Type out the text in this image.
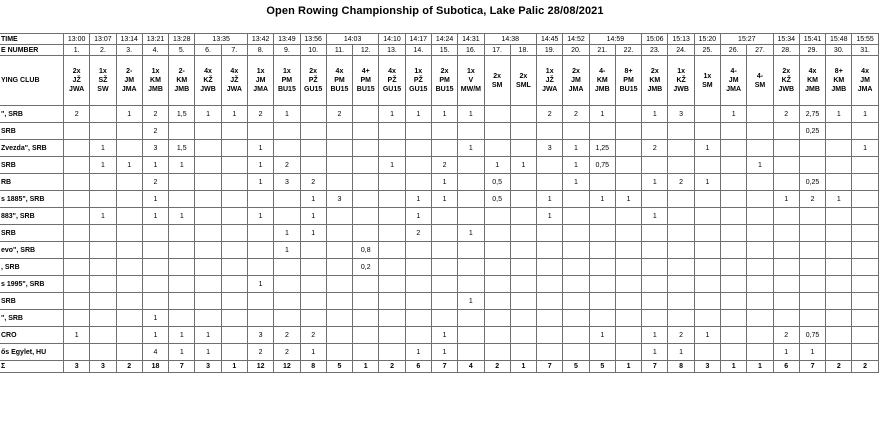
Open Rowing Championship of Subotica, Lake Palic 28/08/2021
TIME	13:00	13:07	13:14	13:21	13:28	13:35		13:42	13:49	13:56	14:03		14:10	14:17	14:24	14:31	14:38		14:45	14:52	14:59		15:06	15:13	15:20	15:27		15:34	15:41	15:48	15:55
E NUMBER	1.	2.	3.	4.	5.	6.	7.	8.	9.	10.	11.	12.	13.	14.	15.	16.	17.	18.	19.	20.	21.	22.	23.	24.	25.	26.	27.	28.	29.	30.	31.
YING CLUB	2x
JŽ
JWA	1x
SŽ
SW	2-
JM
JMA	1x
KM
JMB	2-
KM
JMB	4x
KŽ
JWB	4x
JŽ
JWA	1x
JM
JMA	1x
PM
BU15	2x
PŽ
GU15	4x
PM
BU15	4+
PM
BU15	4x
PŽ
GU15	1x
PŽ
GU15	2x
PM
BU15	1x
V
MW/M	2x
SM	2x
SML	1x
JŽ
JWA	2x
JM
JMA	4-
KM
JMB	8+
PM
BU15	2x
KM
JMB	1x
KŽ
JWB	1x
SM	4-
JM
JMA	4-
SM	2x
KŽ
JWB	4x
KM
JMB	8+
KM
JMB	4x
JM
JMA

", SRB	2		1	2	1,5	1	1	2	1		2		1	1	1	1			2	2	1		1	3		1		2	2,75	1	1
SRB				2																									0,25		
Zvezda", SRB		1		3	1,5			1								1			3	1	1,25		2		1						1
SRB		1	1	1	1			1	2				1		2		1	1		1	0,75						1				
RB				2				1	3	2					1		0,5			1			1	2	1				0,25		
s 1885", SRB				1						1	3			1	1		0,5		1		1	1						1	2	1	
883", SRB		1		1	1			1		1				1					1				1								
SRB									1	1				2		1															
evo", SRB									1			0,8																			
, SRB												0,2																			
s 1995", SRB								1																							
SRB																1															
", SRB				1																											
CRO	1			1	1	1		3	2	2					1						1		1	2	1			2	0,75		
ős Egylet, HU				4	1	1		2	2	1				1	1								1	1				1	1		
Σ	3	3	2	18	7	3	1	12	12	8	5	1	2	6	7	4	2	1	7	5	5	1	7	8	3	1	1	6	7	2	2
